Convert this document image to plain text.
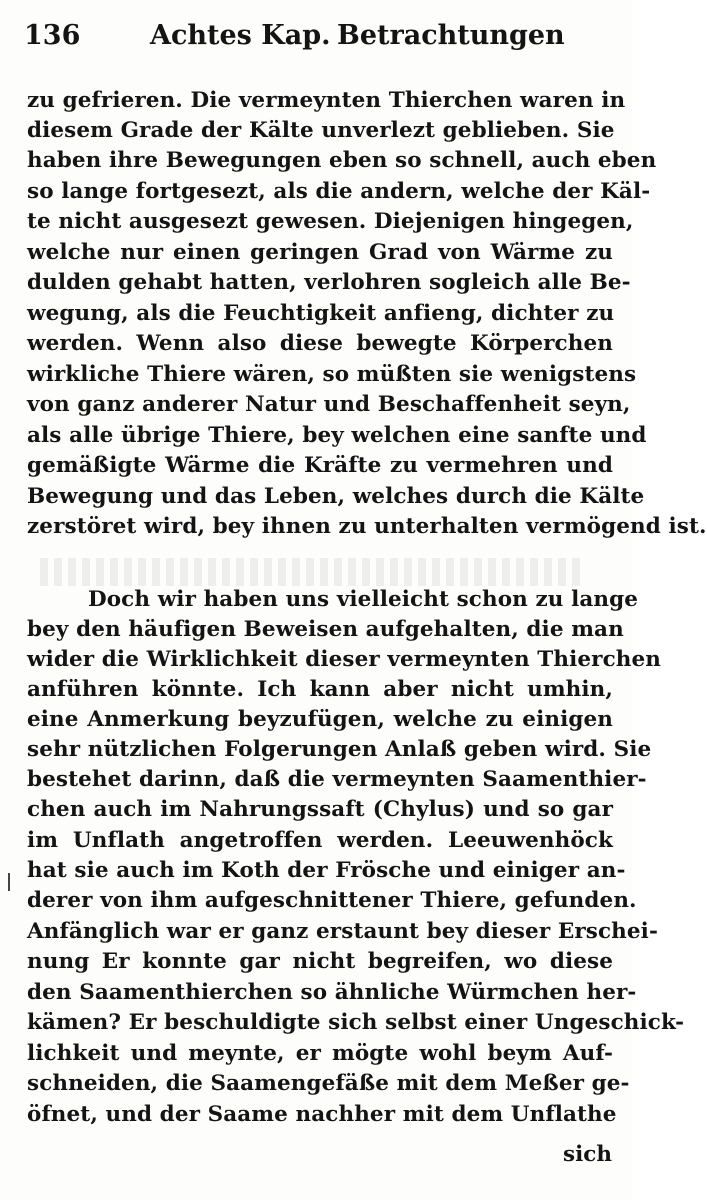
136	Achtes Kap. Betrachtungen
zu gefrieren. Die vermeynten Thierchen waren in
diesem Grade der Kälte unverlezt geblieben. Sie
haben ihre Bewegungen eben so schnell, auch eben
so lange fortgesezt, als die andern, welche der Käl-
te nicht ausgesezt gewesen. Diejenigen hingegen,
welche nur einen geringen Grad von Wärme zu
dulden gehabt hatten, verlohren sogleich alle Be-
wegung, als die Feuchtigkeit anfieng, dichter zu
werden. Wenn also diese bewegte Körperchen
wirkliche Thiere wären, so müßten sie wenigstens
von ganz anderer Natur und Beschaffenheit seyn,
als alle übrige Thiere, bey welchen eine sanfte und
gemäßigte Wärme die Kräfte zu vermehren und
Bewegung und das Leben, welches durch die Kälte
zerstöret wird, bey ihnen zu unterhalten vermögend ist.
Doch wir haben uns vielleicht schon zu lange
bey den häufigen Beweisen aufgehalten, die man
wider die Wirklichkeit dieser vermeynten Thierchen
anführen könnte. Ich kann aber nicht umhin,
eine Anmerkung beyzufügen, welche zu einigen
sehr nützlichen Folgerungen Anlaß geben wird. Sie
bestehet darinn, daß die vermeynten Saamenthier-
chen auch im Nahrungssaft (Chylus) und so gar
im Unflath angetroffen werden. Leeuwenhöck
hat sie auch im Koth der Frösche und einiger an-
derer von ihm aufgeschnittener Thiere, gefunden.
Anfänglich war er ganz erstaunt bey dieser Erschei-
nung Er konnte gar nicht begreifen, wo diese
den Saamenthierchen so ähnliche Würmchen her-
kämen? Er beschuldigte sich selbst einer Ungeschick-
lichkeit und meynte, er mögte wohl beym Auf-
schneiden, die Saamengefäße mit dem Meßer ge-
öfnet, und der Saame nachher mit dem Unflathe
sich
